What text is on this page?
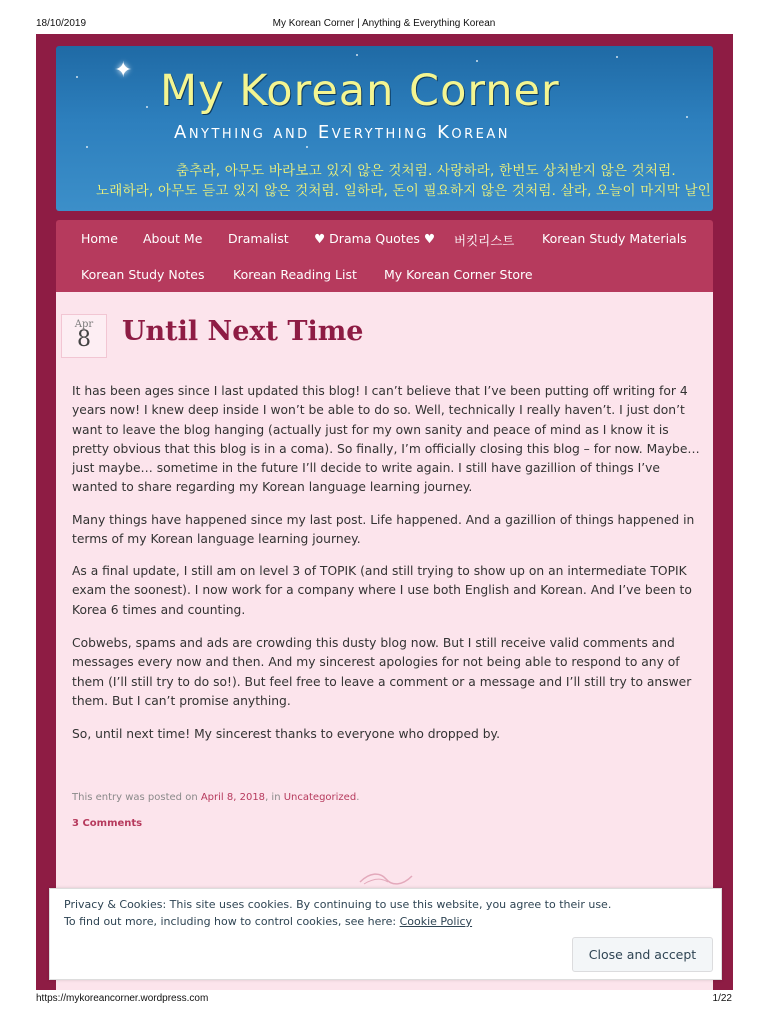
18/10/2019	My Korean Corner | Anything & Everything Korean
✦ My Korean Corner
Anything and Everything Korean
춤추라, 아무도 바라보고 있지 않은 것처럼. 사랑하라, 한번도 상처받지 않은 것처럼.
노래하라, 아무도 듣고 있지 않은 것처럼. 일하라, 돈이 필요하지 않은 것처럼. 살라, 오늘이 마지막 날인
Home About Me Dramalist ♥ Drama Quotes ♥ 버킷리스트 Korean Study Materials
Korean Study Notes Korean Reading List My Korean Corner Store
Apr
8	Until Next Time

It has been ages since I last updated this blog! I can’t believe that I’ve been putting off writing for 4 years now! I knew deep inside I won’t be able to do so. Well, technically I really haven’t. I just don’t want to leave the blog hanging (actually just for my own sanity and peace of mind as I know it is pretty obvious that this blog is in a coma). So finally, I’m officially closing this blog – for now. Maybe… just maybe… sometime in the future I’ll decide to write again. I still have gazillion of things I’ve wanted to share regarding my Korean language learning journey.

Many things have happened since my last post. Life happened. And a gazillion of things happened in terms of my Korean language learning journey.

As a final update, I still am on level 3 of TOPIK (and still trying to show up on an intermediate TOPIK exam the soonest). I now work for a company where I use both English and Korean. And I’ve been to Korea 6 times and counting.

Cobwebs, spams and ads are crowding this dusty blog now. But I still receive valid comments and messages every now and then. And my sincerest apologies for not being able to respond to any of them (I’ll still try to do so!). But feel free to leave a comment or a message and I’ll still try to answer them. But I can’t promise anything.

So, until next time! My sincerest thanks to everyone who dropped by.

This entry was posted on April 8, 2018, in Uncategorized.
3 Comments
Privacy & Cookies: This site uses cookies. By continuing to use this website, you agree to their use.
To find out more, including how to control cookies, see here: Cookie Policy
Close and accept
https://mykoreancorner.wordpress.com	1/22
